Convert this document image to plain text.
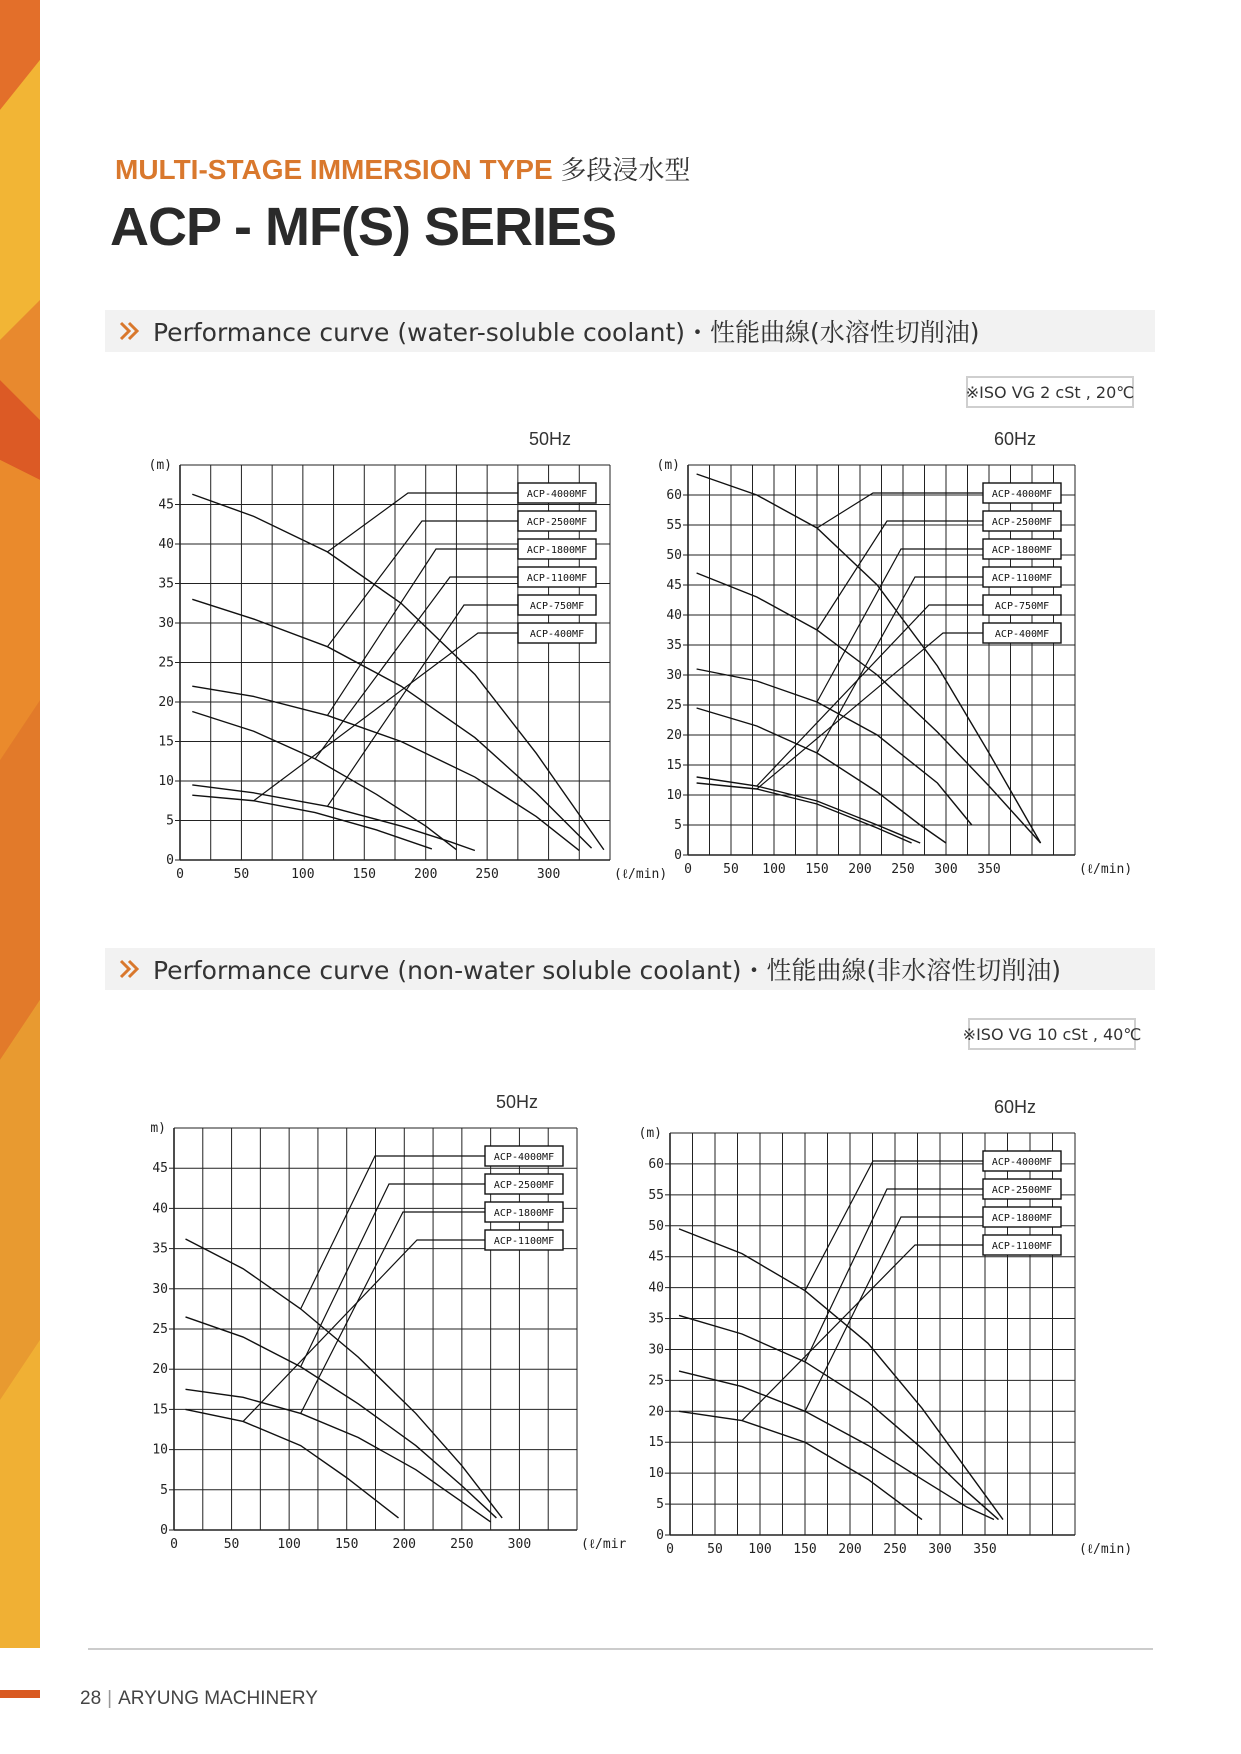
MULTI-STAGE IMMERSION TYPE 多段浸水型
ACP - MF(S) SERIES
Performance curve (water-soluble coolant)・性能曲線(水溶性切削油)
※ISO VG 2 cSt , 20℃
Performance curve (non-water soluble coolant)・性能曲線(非水溶性切削油)
※ISO VG 10 cSt , 40℃
0	50	100	150	200	250	300
0
5
10
15
20
25
30
35
40
45
(m)
(ℓ/min)
50Hz
ACP-4000MF
ACP-2500MF
ACP-1800MF
ACP-1100MF
ACP-750MF
ACP-400MF
0 50 100 150 200 250 300 350
0
5
10
15
20
25
30
35
40
45
50
55
60
(m)
(ℓ/min)
60Hz
ACP-4000MF
ACP-2500MF
ACP-1800MF
ACP-1100MF
ACP-750MF
ACP-400MF
0	50	100	150	200	250	300
0
5
10
15
20
25
30
35
40
45
m)
(ℓ/mir
50Hz
ACP-4000MF
ACP-2500MF
ACP-1800MF
ACP-1100MF
0	50 100 150 200 250 300 350
0
5
10
15
20
25
30
35
40
45
50
55
60
(m)
(ℓ/min)
60Hz
ACP-4000MF
ACP-2500MF
ACP-1800MF
ACP-1100MF
28 | ARYUNG MACHINERY
